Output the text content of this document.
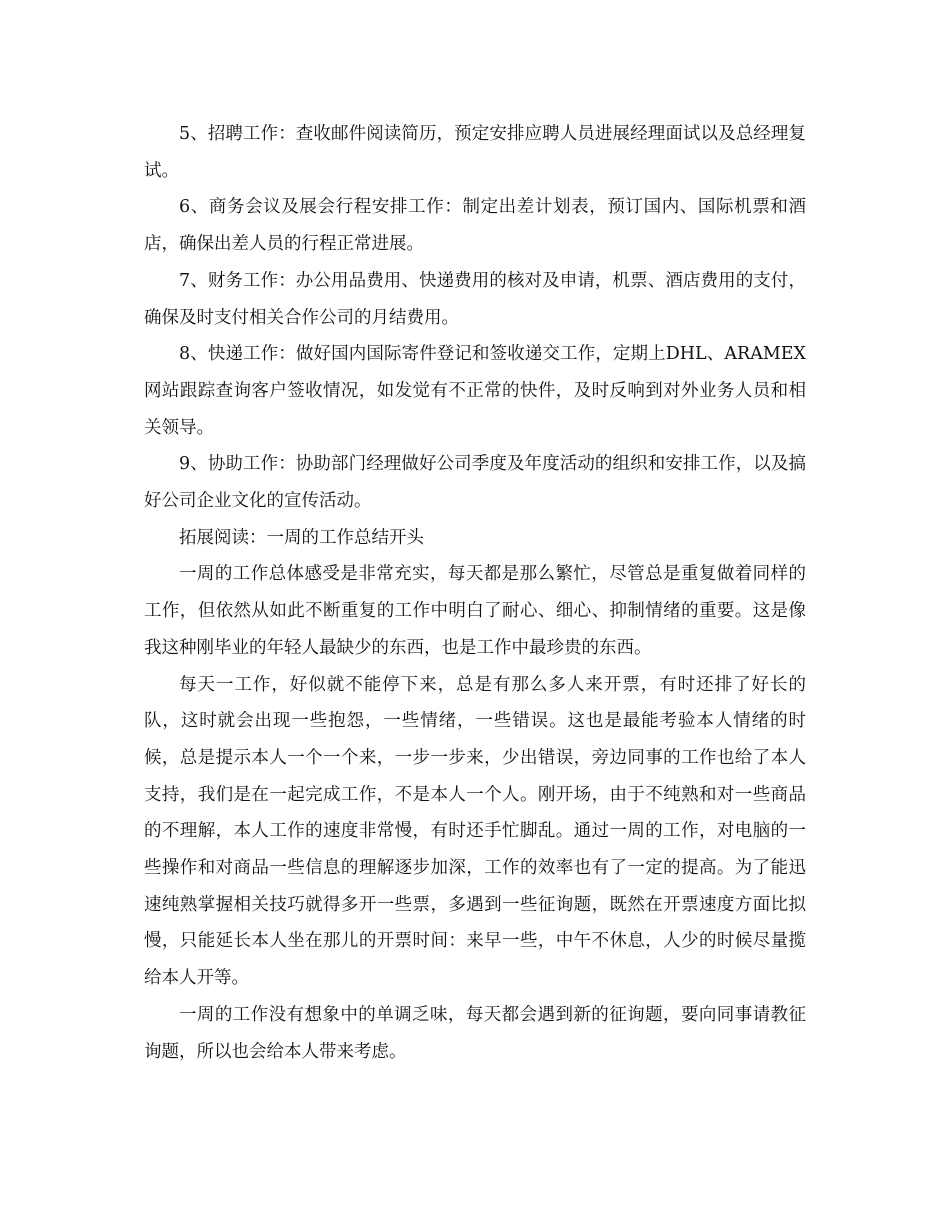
5、招聘工作：查收邮件阅读简历，预定安排应聘人员进展经理面试以及总经理复试。

6、商务会议及展会行程安排工作：制定出差计划表，预订国内、国际机票和酒店，确保出差人员的行程正常进展。

7、财务工作：办公用品费用、快递费用的核对及申请，机票、酒店费用的支付，确保及时支付相关合作公司的月结费用。

8、快递工作：做好国内国际寄件登记和签收递交工作，定期上DHL、ARAMEX网站跟踪查询客户签收情况，如发觉有不正常的快件，及时反响到对外业务人员和相关领导。

9、协助工作：协助部门经理做好公司季度及年度活动的组织和安排工作，以及搞好公司企业文化的宣传活动。

拓展阅读：一周的工作总结开头

一周的工作总体感受是非常充实，每天都是那么繁忙，尽管总是重复做着同样的工作，但依然从如此不断重复的工作中明白了耐心、细心、抑制情绪的重要。这是像我这种刚毕业的年轻人最缺少的东西，也是工作中最珍贵的东西。

每天一工作，好似就不能停下来，总是有那么多人来开票，有时还排了好长的队，这时就会出现一些抱怨，一些情绪，一些错误。这也是最能考验本人情绪的时候，总是提示本人一个一个来，一步一步来，少出错误，旁边同事的工作也给了本人支持，我们是在一起完成工作，不是本人一个人。刚开场，由于不纯熟和对一些商品的不理解，本人工作的速度非常慢，有时还手忙脚乱。通过一周的工作，对电脑的一些操作和对商品一些信息的理解逐步加深，工作的效率也有了一定的提高。为了能迅速纯熟掌握相关技巧就得多开一些票，多遇到一些征询题，既然在开票速度方面比拟慢，只能延长本人坐在那儿的开票时间：来早一些，中午不休息，人少的时候尽量揽给本人开等。

一周的工作没有想象中的单调乏味，每天都会遇到新的征询题，要向同事请教征询题，所以也会给本人带来考虑。
